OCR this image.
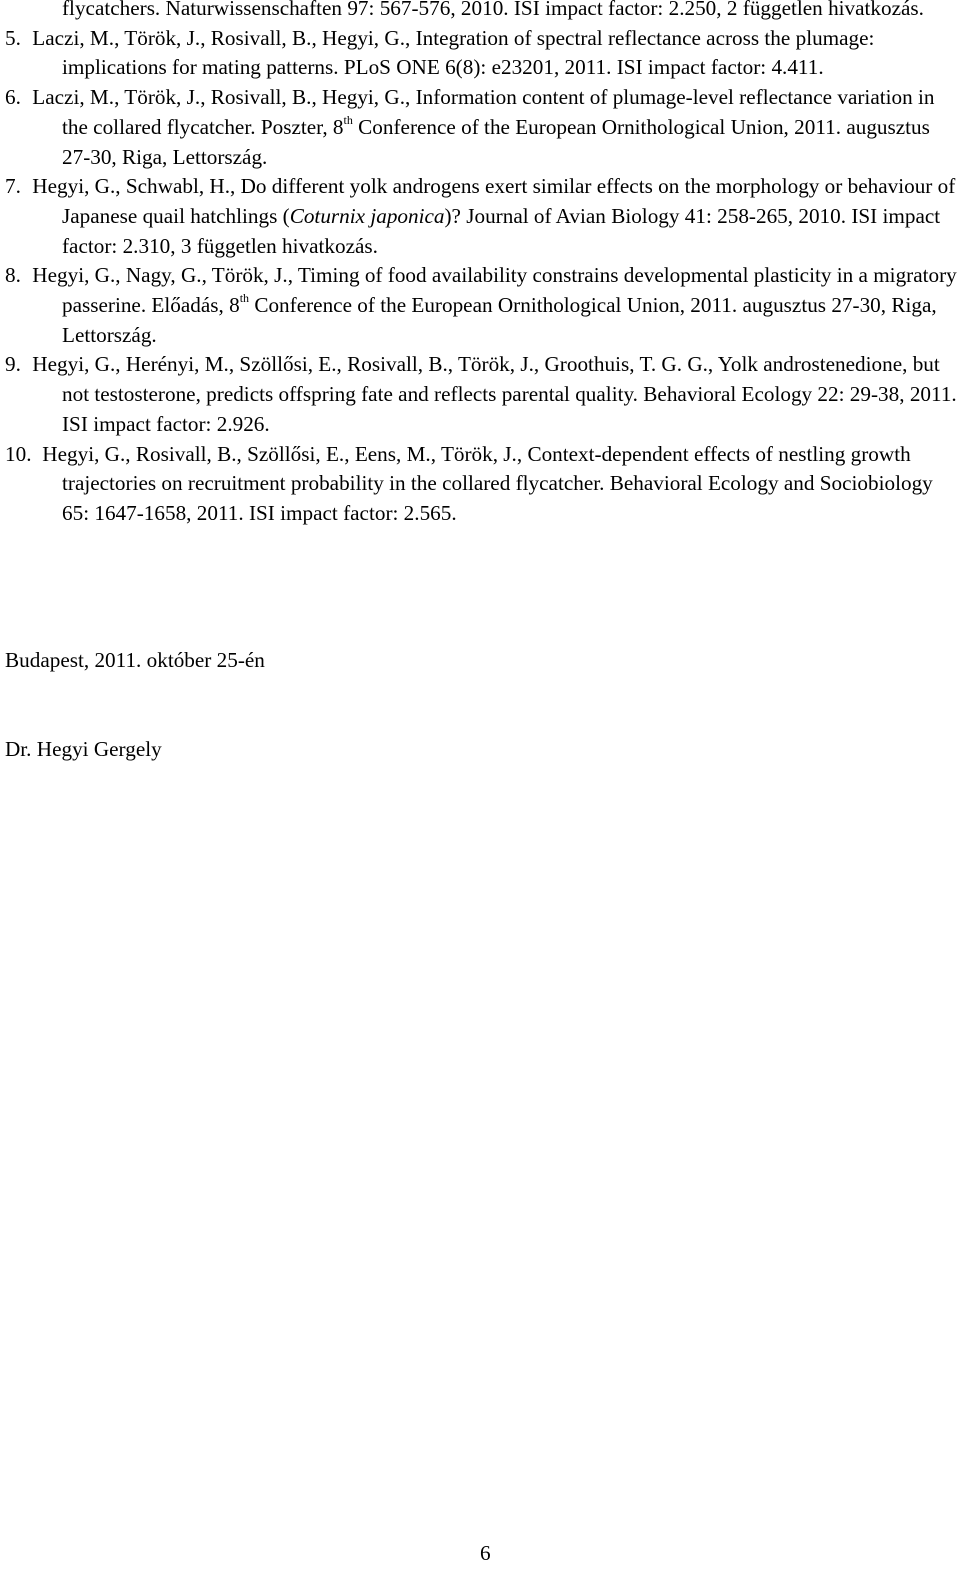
flycatchers. Naturwissenschaften 97: 567-576, 2010. ISI impact factor: 2.250, 2 független hivatkozás.

5. Laczi, M., Török, J., Rosivall, B., Hegyi, G., Integration of spectral reflectance across the plumage: implications for mating patterns. PLoS ONE 6(8): e23201, 2011. ISI impact factor: 4.411.

6. Laczi, M., Török, J., Rosivall, B., Hegyi, G., Information content of plumage-level reflectance variation in the collared flycatcher. Poszter, 8th Conference of the European Ornithological Union, 2011. augusztus 27-30, Riga, Lettország.

7. Hegyi, G., Schwabl, H., Do different yolk androgens exert similar effects on the morphology or behaviour of Japanese quail hatchlings (Coturnix japonica)? Journal of Avian Biology 41: 258-265, 2010. ISI impact factor: 2.310, 3 független hivatkozás.

8. Hegyi, G., Nagy, G., Török, J., Timing of food availability constrains developmental plasticity in a migratory passerine. Előadás, 8th Conference of the European Ornithological Union, 2011. augusztus 27-30, Riga, Lettország.

9. Hegyi, G., Herényi, M., Szöllősi, E., Rosivall, B., Török, J., Groothuis, T. G. G., Yolk androstenedione, but not testosterone, predicts offspring fate and reflects parental quality. Behavioral Ecology 22: 29-38, 2011. ISI impact factor: 2.926.

10. Hegyi, G., Rosivall, B., Szöllősi, E., Eens, M., Török, J., Context-dependent effects of nestling growth trajectories on recruitment probability in the collared flycatcher. Behavioral Ecology and Sociobiology 65: 1647-1658, 2011. ISI impact factor: 2.565.

Budapest, 2011. október 25-én

Dr. Hegyi Gergely

6
